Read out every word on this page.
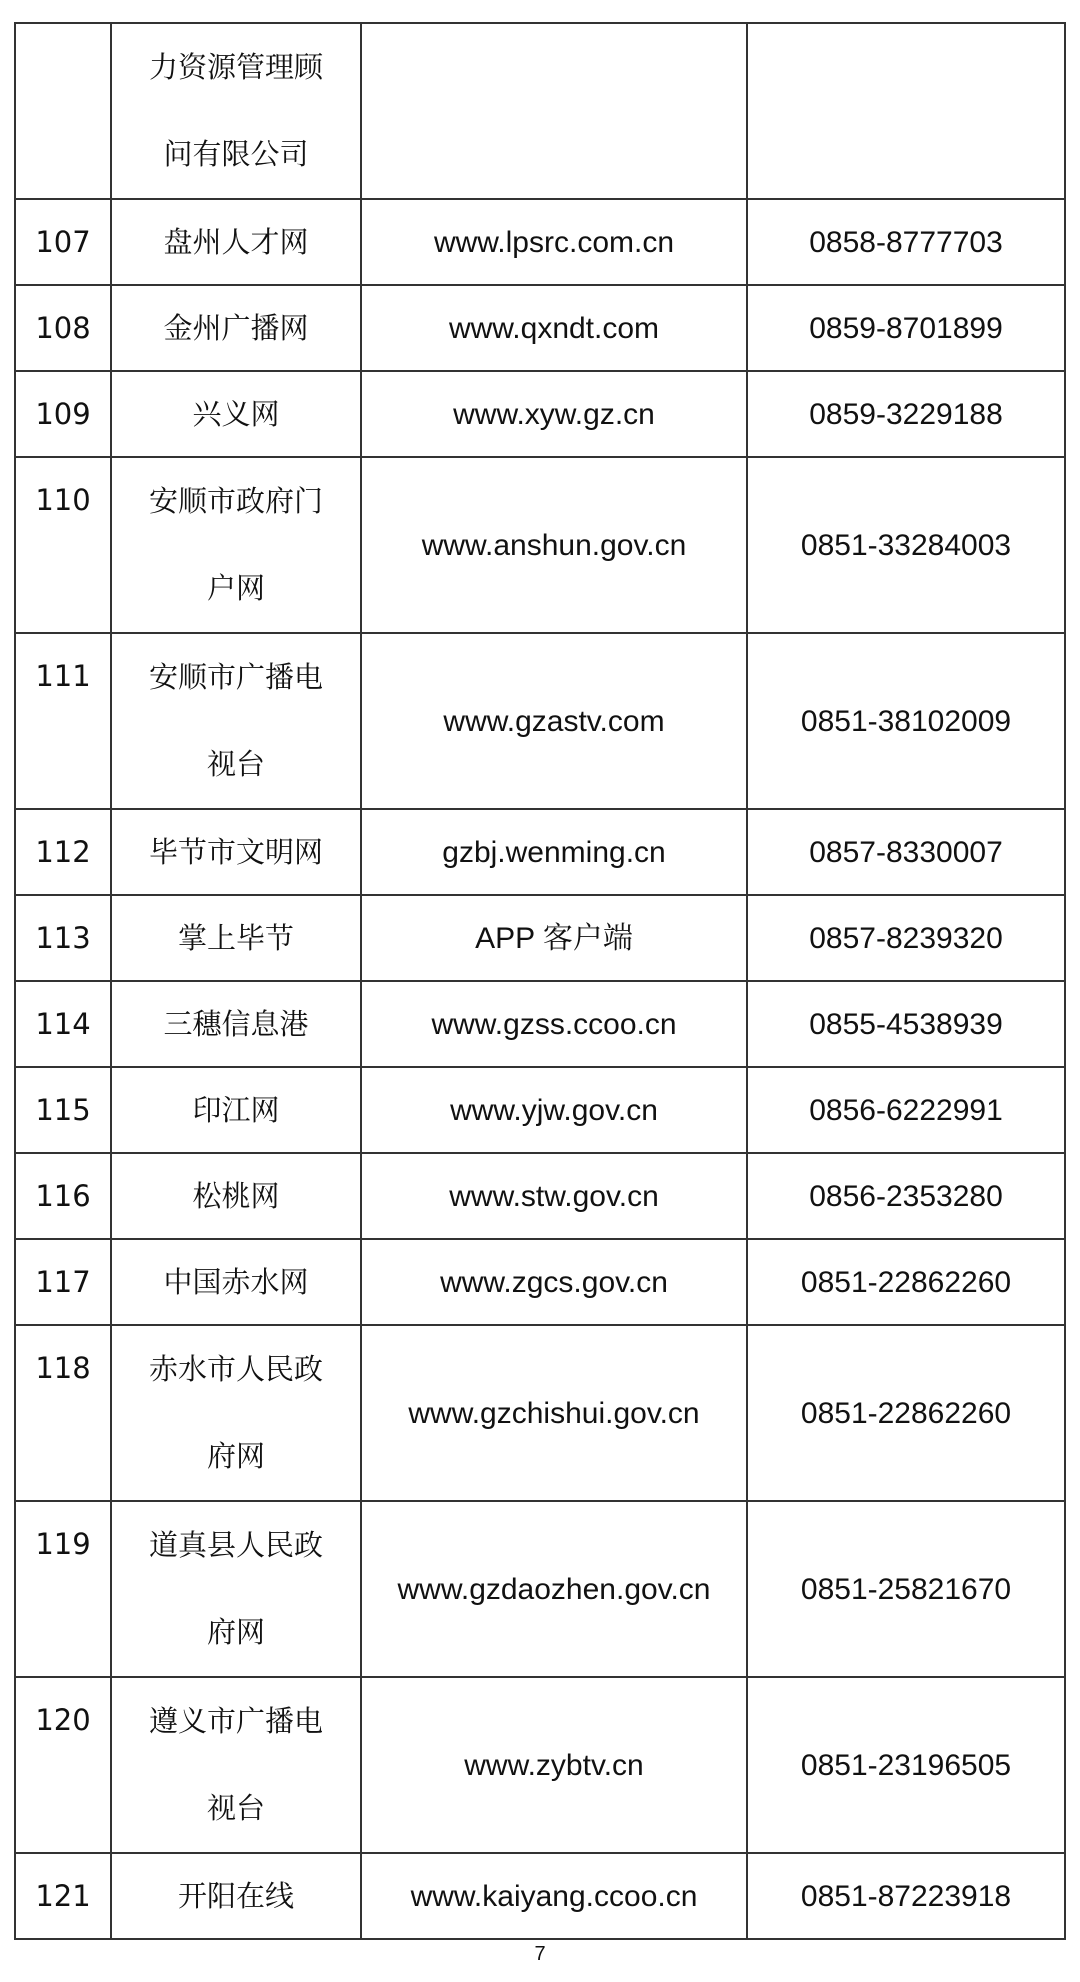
	力资源管理顾问有限公司		
107	盘州人才网	www.lpsrc.com.cn	0858-8777703
108	金州广播网	www.qxndt.com	0859-8701899
109	兴义网	www.xyw.gz.cn	0859-3229188
110	安顺市政府门户网	www.anshun.gov.cn	0851-33284003
111	安顺市广播电视台	www.gzastv.com	0851-38102009
112	毕节市文明网	gzbj.wenming.cn	0857-8330007
113	掌上毕节	APP 客户端	0857-8239320
114	三穗信息港	www.gzss.ccoo.cn	0855-4538939
115	印江网	www.yjw.gov.cn	0856-6222991
116	松桃网	www.stw.gov.cn	0856-2353280
117	中国赤水网	www.zgcs.gov.cn	0851-22862260
118	赤水市人民政府网	www.gzchishui.gov.cn	0851-22862260
119	道真县人民政府网	www.gzdaozhen.gov.cn	0851-25821670
120	遵义市广播电视台	www.zybtv.cn	0851-23196505
121	开阳在线	www.kaiyang.ccoo.cn	0851-87223918
7
